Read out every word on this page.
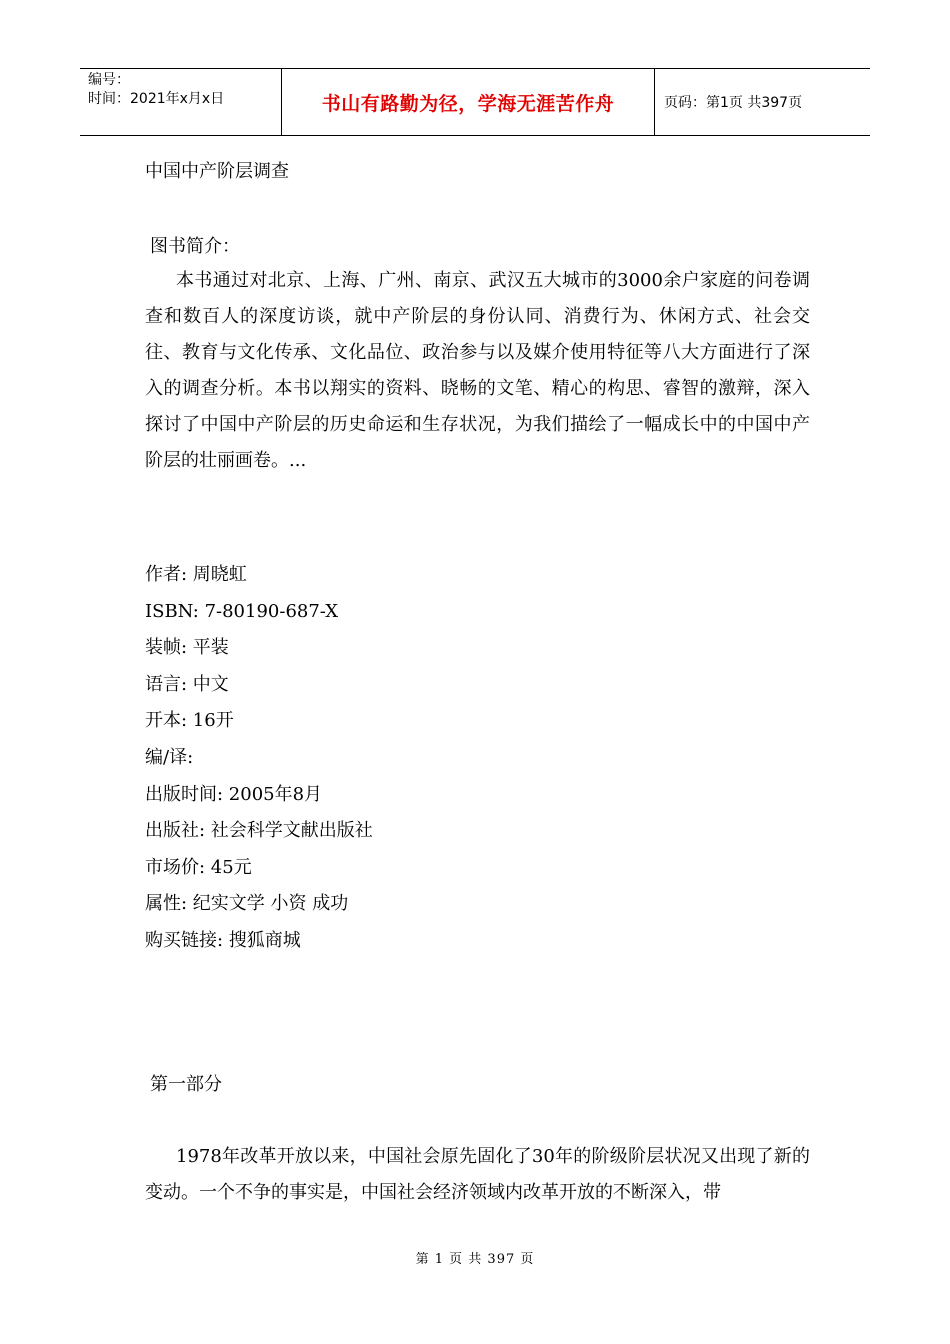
编号：
时间：2021年x月x日	书山有路勤为径，学海无涯苦作舟	页码：第1页 共397页
中国中产阶层调查
图书简介：

本书通过对北京、上海、广州、南京、武汉五大城市的3000余户家庭的问卷调查和数百人的深度访谈，就中产阶层的身份认同、消费行为、休闲方式、社会交往、教育与文化传承、文化品位、政治参与以及媒介使用特征等八大方面进行了深入的调查分析。本书以翔实的资料、晓畅的文笔、精心的构思、睿智的激辩，深入探讨了中国中产阶层的历史命运和生存状况，为我们描绘了一幅成长中的中国中产阶层的壮丽画卷。...

作者: 周晓虹
ISBN: 7-80190-687-X
装帧: 平装
语言: 中文
开本: 16开
编/译:
出版时间: 2005年8月
出版社: 社会科学文献出版社
市场价: 45元
属性: 纪实文学 小资 成功
购买链接: 搜狐商城
第一部分

1978年改革开放以来，中国社会原先固化了30年的阶级阶层状况又出现了新的变动。一个不争的事实是，中国社会经济领域内改革开放的不断深入，带

第 1 页 共 397 页
